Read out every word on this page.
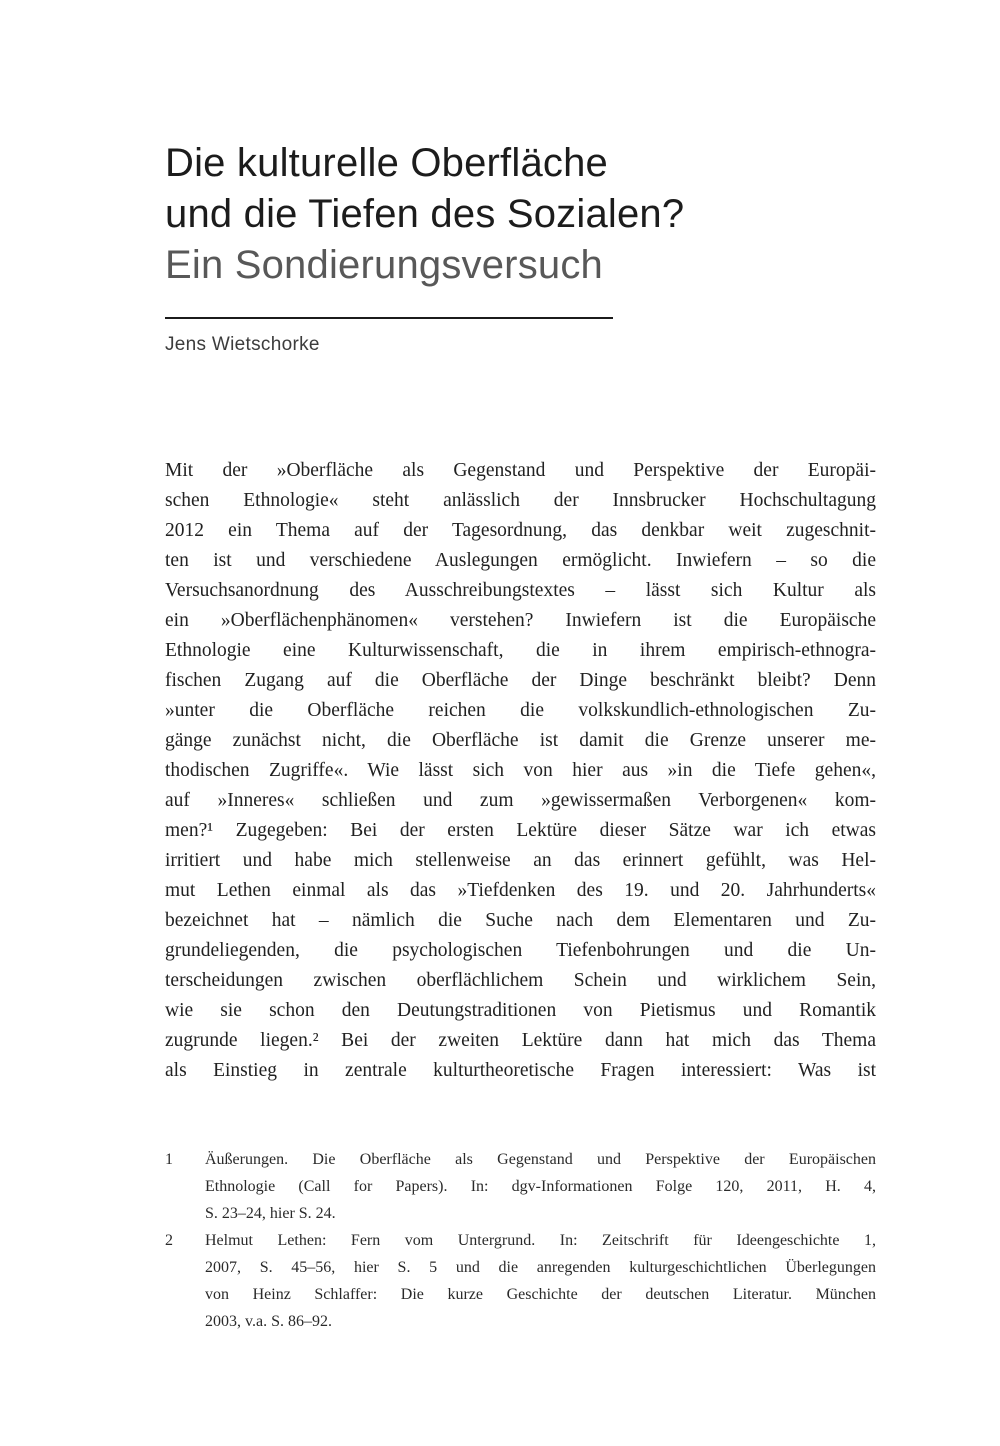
Die kulturelle Oberfläche
und die Tiefen des Sozialen?
Ein Sondierungsversuch
Jens Wietschorke
Mit der »Oberfläche als Gegenstand und Perspektive der Europäi-
schen Ethnologie« steht anlässlich der Innsbrucker Hochschultagung
2012 ein Thema auf der Tagesordnung, das denkbar weit zugeschnit-
ten ist und verschiedene Auslegungen ermöglicht. Inwiefern – so die
Versuchsanordnung des Ausschreibungstextes – lässt sich Kultur als
ein »Oberflächenphänomen« verstehen? Inwiefern ist die Europäische
Ethnologie eine Kulturwissenschaft, die in ihrem empirisch-ethnogra-
fischen Zugang auf die Oberfläche der Dinge beschränkt bleibt? Denn
»unter die Oberfläche reichen die volkskundlich-ethnologischen Zu-
gänge zunächst nicht, die Oberfläche ist damit die Grenze unserer me-
thodischen Zugriffe«. Wie lässt sich von hier aus »in die Tiefe gehen«,
auf »Inneres« schließen und zum »gewissermaßen Verborgenen« kom-
men?¹ Zugegeben: Bei der ersten Lektüre dieser Sätze war ich etwas
irritiert und habe mich stellenweise an das erinnert gefühlt, was Hel-
mut Lethen einmal als das »Tiefdenken des 19. und 20. Jahrhunderts«
bezeichnet hat – nämlich die Suche nach dem Elementaren und Zu-
grundeliegenden, die psychologischen Tiefenbohrungen und die Un-
terscheidungen zwischen oberflächlichem Schein und wirklichem Sein,
wie sie schon den Deutungstraditionen von Pietismus und Romantik
zugrunde liegen.² Bei der zweiten Lektüre dann hat mich das Thema
als Einstieg in zentrale kulturtheoretische Fragen interessiert: Was ist
1	Äußerungen. Die Oberfläche als Gegenstand und Perspektive der Europäischen
Ethnologie (Call for Papers). In: dgv-Informationen Folge 120, 2011, H. 4,
S. 23–24, hier S. 24.
2	Helmut Lethen: Fern vom Untergrund. In: Zeitschrift für Ideengeschichte 1,
2007, S. 45–56, hier S. 5 und die anregenden kulturgeschichtlichen Überlegungen
von Heinz Schlaffer: Die kurze Geschichte der deutschen Literatur. München
2003, v.a. S. 86–92.
